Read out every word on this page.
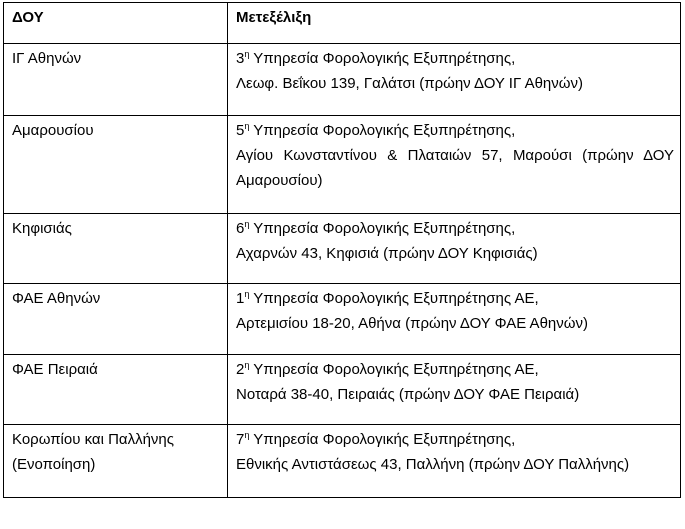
ΔΟΥ	Μετεξέλιξη
ΙΓ Αθηνών	$3^\eta$ Υπηρεσία Φορολογικής Εξυπηρέτησης,
Λεωφ. Βεΐκου 139, Γαλάτσι (πρώην ΔΟΥ ΙΓ Αθηνών)

Αμαρουσίου	$5^\eta$ Υπηρεσία Φορολογικής Εξυπηρέτησης,
Αγίου Κωνσταντίνου & Πλαταιών 57, Μαρούσι (πρώην ΔΟΥ Αμαρουσίου)

Κηφισιάς	$6^\eta$ Υπηρεσία Φορολογικής Εξυπηρέτησης,
Αχαρνών 43, Κηφισιά (πρώην ΔΟΥ Κηφισιάς)

ΦΑΕ Αθηνών	$1^\eta$ Υπηρεσία Φορολογικής Εξυπηρέτησης ΑΕ,
Αρτεμισίου 18-20, Αθήνα (πρώην ΔΟΥ ΦΑΕ Αθηνών)

ΦΑΕ Πειραιά	$2^\eta$ Υπηρεσία Φορολογικής Εξυπηρέτησης ΑΕ,
Νοταρά 38-40, Πειραιάς (πρώην ΔΟΥ ΦΑΕ Πειραιά)

Κορωπίου και Παλλήνης (Ενοποίηση)	$7^\eta$ Υπηρεσία Φορολογικής Εξυπηρέτησης,
Εθνικής Αντιστάσεως 43, Παλλήνη (πρώην ΔΟΥ Παλλήνης)
